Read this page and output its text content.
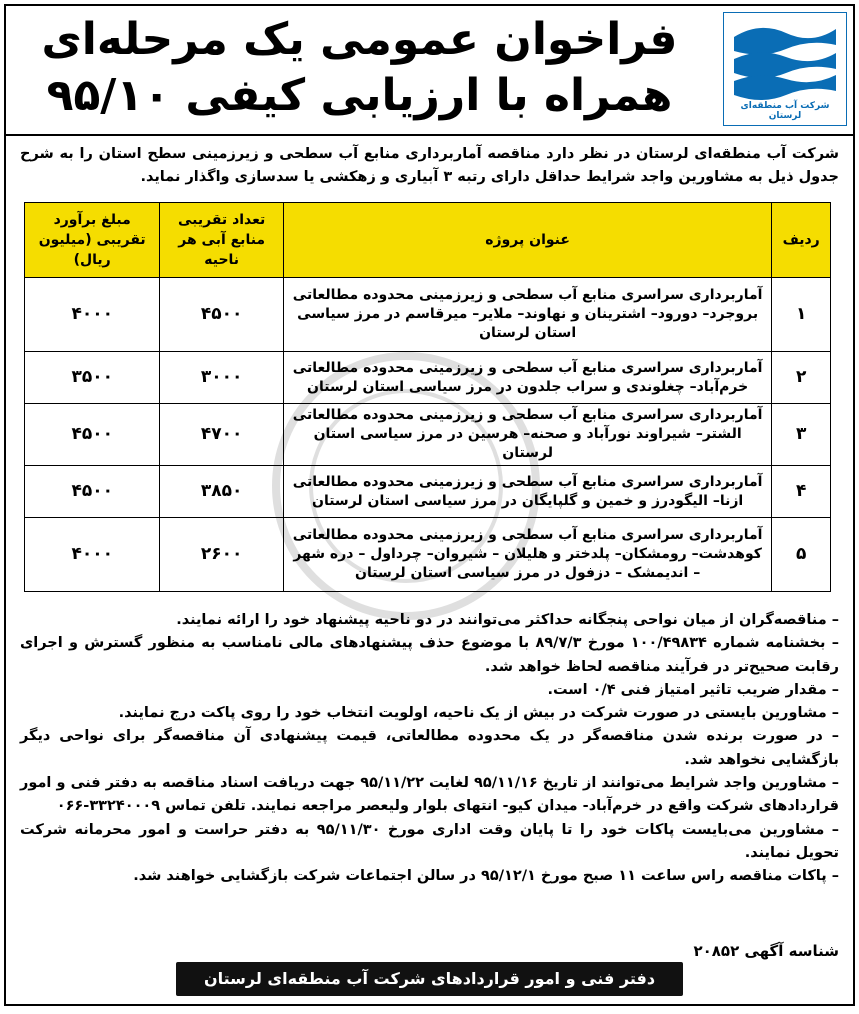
شرکت آب منطقه‌ای لرستان
فراخوان عمومی یک مرحله‌ای
همراه با ارزیابی کیفی ۹۵/۱۰
شرکت آب منطقه‌ای لرستان در نظر دارد مناقصه آماربرداری منابع آب سطحی و زیرزمینی سطح استان را به شرح جدول ذیل به مشاورین واجد شرایط حداقل دارای رتبه ۳ آبیاری و زهکشی یا سدسازی واگذار نماید.
ردیف	عنوان پروژه	تعداد تقریبی منابع آبی هر ناحیه	مبلغ برآورد تقریبی (میلیون ریال)
۱	آماربرداری سراسری منابع آب سطحی و زیرزمینی محدوده مطالعاتی بروجرد– دورود– اشترینان و نهاوند– ملایر– میرقاسم در مرز سیاسی استان لرستان	۴۵۰۰	۴۰۰۰
۲	آماربرداری سراسری منابع آب سطحی و زیرزمینی محدوده مطالعاتی خرم‌آباد– چغلوندی و سراب جلدون در مرز سیاسی استان لرستان	۳۰۰۰	۳۵۰۰
۳	آماربرداری سراسری منابع آب سطحی و زیرزمینی محدوده مطالعاتی الشتر– شیراوند نورآباد و صحنه– هرسین در مرز سیاسی استان لرستان	۴۷۰۰	۴۵۰۰
۴	آماربرداری سراسری منابع آب سطحی و زیرزمینی محدوده مطالعاتی ازنا– الیگودرز و خمین و گلپایگان در مرز سیاسی استان لرستان	۳۸۵۰	۴۵۰۰
۵	آماربرداری سراسری منابع آب سطحی و زیرزمینی محدوده مطالعاتی کوهدشت– رومشکان– پلدختر و هلیلان – شیروان– چرداول – دره شهر – اندیمشک – دزفول در مرز سیاسی استان لرستان	۲۶۰۰	۴۰۰۰

– مناقصه‌گران از میان نواحی پنجگانه حداکثر می‌توانند در دو ناحیه پیشنهاد خود را ارائه نمایند.

– بخشنامه شماره ۱۰۰/۴۹۸۳۴ مورخ ۸۹/۷/۳ با موضوع حذف پیشنهادهای مالی نامناسب به منظور گسترش و اجرای رقابت صحیح‌تر در فرآیند مناقصه لحاظ خواهد شد.

– مقدار ضریب تاثیر امتیاز فنی ۰/۴ است.

– مشاورین بایستی در صورت شرکت در بیش از یک ناحیه، اولویت انتخاب خود را روی پاکت درج نمایند.

– در صورت برنده شدن مناقصه‌گر در یک محدوده مطالعاتی، قیمت پیشنهادی آن مناقصه‌گر برای نواحی دیگر بازگشایی نخواهد شد.

– مشاورین واجد شرایط می‌توانند از تاریخ ۹۵/۱۱/۱۶ لغایت ۹۵/۱۱/۲۲ جهت دریافت اسناد مناقصه به دفتر فنی و امور قراردادهای شرکت واقع در خرم‌آباد- میدان کیو- انتهای بلوار ولیعصر مراجعه نمایند. تلفن تماس ۳۳۲۴۰۰۰۹-۰۶۶

– مشاورین می‌بایست پاکات خود را تا پایان وقت اداری مورخ ۹۵/۱۱/۳۰ به دفتر حراست و امور محرمانه شرکت تحویل نمایند.

– پاکات مناقصه راس ساعت ۱۱ صبح مورخ ۹۵/۱۲/۱ در سالن اجتماعات شرکت بازگشایی خواهند شد.

شناسه آگهی ۲۰۸۵۲
دفتر فنی و امور قراردادهای شرکت آب منطقه‌ای لرستان
